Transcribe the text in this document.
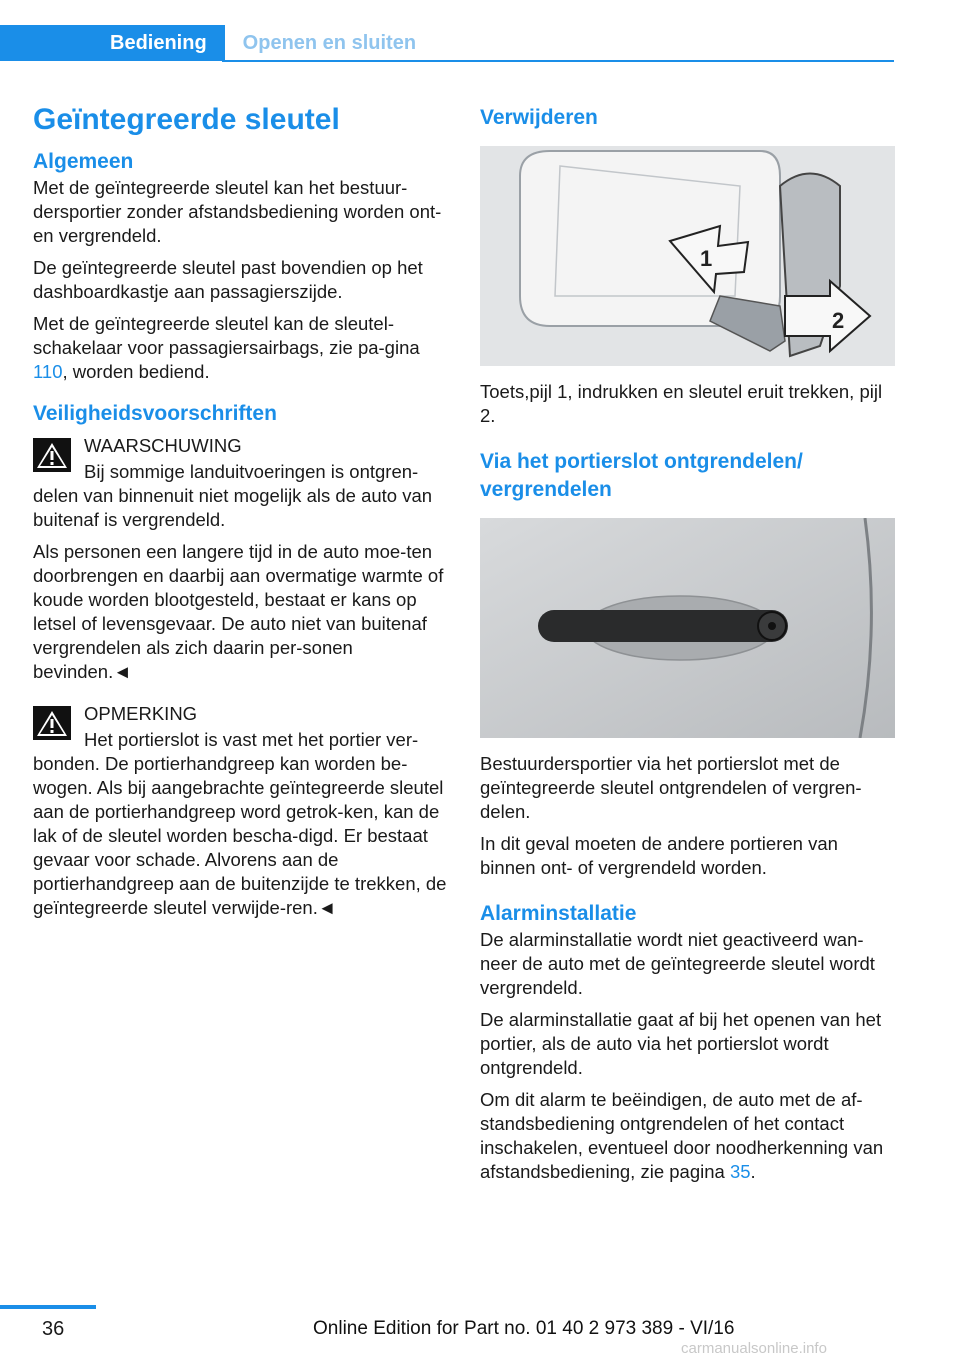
Bediening	Openen en sluiten
Geïntegreerde sleutel
Algemeen

Met de geïntegreerde sleutel kan het bestuur-dersportier zonder afstandsbediening worden ont- en vergrendeld.

De geïntegreerde sleutel past bovendien op het dashboardkastje aan passagierszijde.

Met de geïntegreerde sleutel kan de sleutel-schakelaar voor passagiersairbags, zie pa-gina 110, worden bediend.

Veiligheidsvoorschriften

WAARSCHUWING

Bij sommige landuitvoeringen is ontgren-delen van binnenuit niet mogelijk als de auto van buitenaf is vergrendeld.

Als personen een langere tijd in de auto moe-ten doorbrengen en daarbij aan overmatige warmte of koude worden blootgesteld, bestaat er kans op letsel of levensgevaar. De auto niet van buitenaf vergrendelen als zich daarin per-sonen bevinden.◄

OPMERKING

Het portierslot is vast met het portier ver-bonden. De portierhandgreep kan worden be-wogen. Als bij aangebrachte geïntegreerde sleutel aan de portierhandgreep word getrok-ken, kan de lak of de sleutel worden bescha-digd. Er bestaat gevaar voor schade. Alvorens aan de portierhandgreep aan de buitenzijde te trekken, de geïntegreerde sleutel verwijde-ren.◄

Verwijderen
1
2

Toets,pijl 1, indrukken en sleutel eruit trekken, pijl 2.

Via het portierslot ontgrendelen/ vergrendelen

Bestuurdersportier via het portierslot met de geïntegreerde sleutel ontgrendelen of vergren-delen.

In dit geval moeten de andere portieren van binnen ont- of vergrendeld worden.

Alarminstallatie

De alarminstallatie wordt niet geactiveerd wan-neer de auto met de geïntegreerde sleutel wordt vergrendeld.

De alarminstallatie gaat af bij het openen van het portier, als de auto via het portierslot wordt ontgrendeld.

Om dit alarm te beëindigen, de auto met de af-standsbediening ontgrendelen of het contact inschakelen, eventueel door noodherkenning van afstandsbediening, zie pagina 35.

36	Online Edition for Part no. 01 40 2 973 389 - VI/16
carmanualsonline.info
